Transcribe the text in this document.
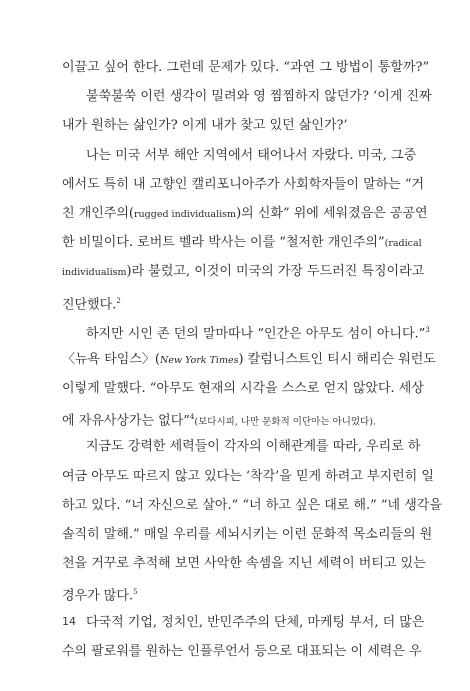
이끌고 싶어 한다. 그런데 문제가 있다. “과연 그 방법이 통할까?”
불쑥불쑥 이런 생각이 밀려와 영 찜찜하지 않던가? ‘이게 진짜
내가 원하는 삶인가? 이게 내가 찾고 있던 삶인가?’
나는 미국 서부 해안 지역에서 태어나서 자랐다. 미국, 그중
에서도 특히 내 고향인 캘리포니아주가 사회학자들이 말하는 “거
친 개인주의(rugged individualism)의 신화” 위에 세워졌음은 공공연
한 비밀이다. 로버트 벨라 박사는 이를 “철저한 개인주의”(radical
individualism)라 불렀고, 이것이 미국의 가장 두드러진 특징이라고
진단했다.$^2$
하지만 시인 존 던의 말마따나 “인간은 아무도 섬이 아니다.”$^3$
〈뉴욕 타임스〉(New York Times) 칼럼니스트인 티시 해리슨 워런도
이렇게 말했다. “아무도 현재의 시각을 스스로 얻지 않았다. 세상
에 자유사상가는 없다”$^4$(보다시피, 나만 문화적 이단아는 아니었다).
지금도 강력한 세력들이 각자의 이해관계를 따라, 우리로 하
여금 아무도 따르지 않고 있다는 ‘착각’을 믿게 하려고 부지런히 일
하고 있다. “너 자신으로 살아.” “너 하고 싶은 대로 해.” “네 생각을
솔직히 말해.” 매일 우리를 세뇌시키는 이런 문화적 목소리들의 원
천을 거꾸로 추적해 보면 사악한 속셈을 지닌 세력이 버티고 있는
경우가 많다.$^5$
다국적 기업, 정치인, 반민주주의 단체, 마케팅 부서, 더 많은
수의 팔로워를 원하는 인플루언서 등으로 대표되는 이 세력은 우
14
